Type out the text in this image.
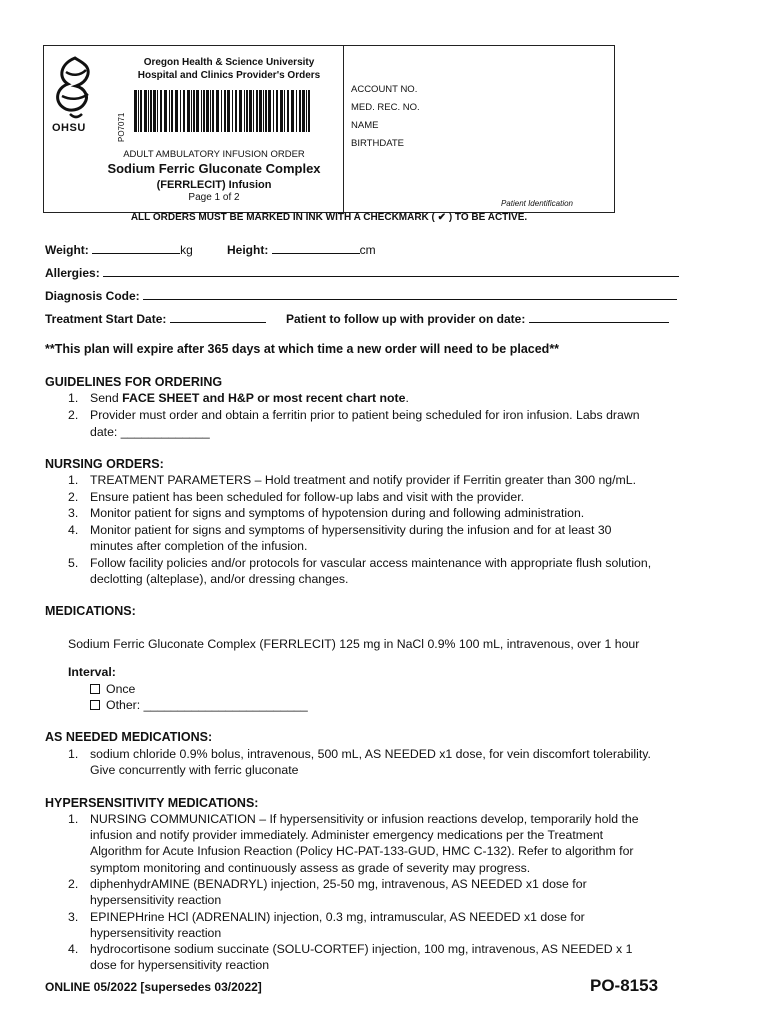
OHSU
Oregon Health & Science University
Hospital and Clinics Provider's Orders
PO7071
ADULT AMBULATORY INFUSION ORDER
Sodium Ferric Gluconate Complex
(FERRLECIT) Infusion
Page 1 of 2
ACCOUNT NO.
MED. REC. NO.
NAME
BIRTHDATE
Patient Identification
ALL ORDERS MUST BE MARKED IN INK WITH A CHECKMARK ( ✔ ) TO BE ACTIVE.
Weight:	kg	Height:	cm
Allergies:
Diagnosis Code:
Treatment Start Date:	Patient to follow up with provider on date:
**This plan will expire after 365 days at which time a new order will need to be placed**
GUIDELINES FOR ORDERING
1. Send FACE SHEET and H&P or most recent chart note.
2. Provider must order and obtain a ferritin prior to patient being scheduled for iron infusion. Labs drawn
date: _____________
NURSING ORDERS:
1. TREATMENT PARAMETERS – Hold treatment and notify provider if Ferritin greater than 300 ng/mL.
2. Ensure patient has been scheduled for follow-up labs and visit with the provider.
3. Monitor patient for signs and symptoms of hypotension during and following administration.
4. Monitor patient for signs and symptoms of hypersensitivity during the infusion and for at least 30
minutes after completion of the infusion.
5. Follow facility policies and/or protocols for vascular access maintenance with appropriate flush solution,
declotting (alteplase), and/or dressing changes.
MEDICATIONS:
Sodium Ferric Gluconate Complex (FERRLECIT) 125 mg in NaCl 0.9% 100 mL, intravenous, over 1 hour
Interval:
Once
Other: ________________________
AS NEEDED MEDICATIONS:
1. sodium chloride 0.9% bolus, intravenous, 500 mL, AS NEEDED x1 dose, for vein discomfort tolerability.
Give concurrently with ferric gluconate
HYPERSENSITIVITY MEDICATIONS:
1. NURSING COMMUNICATION – If hypersensitivity or infusion reactions develop, temporarily hold the
infusion and notify provider immediately. Administer emergency medications per the Treatment
Algorithm for Acute Infusion Reaction (Policy HC-PAT-133-GUD, HMC C-132). Refer to algorithm for
symptom monitoring and continuously assess as grade of severity may progress.
2. diphenhydrAMINE (BENADRYL) injection, 25-50 mg, intravenous, AS NEEDED x1 dose for
hypersensitivity reaction
3. EPINEPHrine HCl (ADRENALIN) injection, 0.3 mg, intramuscular, AS NEEDED x1 dose for
hypersensitivity reaction
4. hydrocortisone sodium succinate (SOLU-CORTEF) injection, 100 mg, intravenous, AS NEEDED x 1
dose for hypersensitivity reaction
ONLINE 05/2022 [supersedes 03/2022]	PO-8153
